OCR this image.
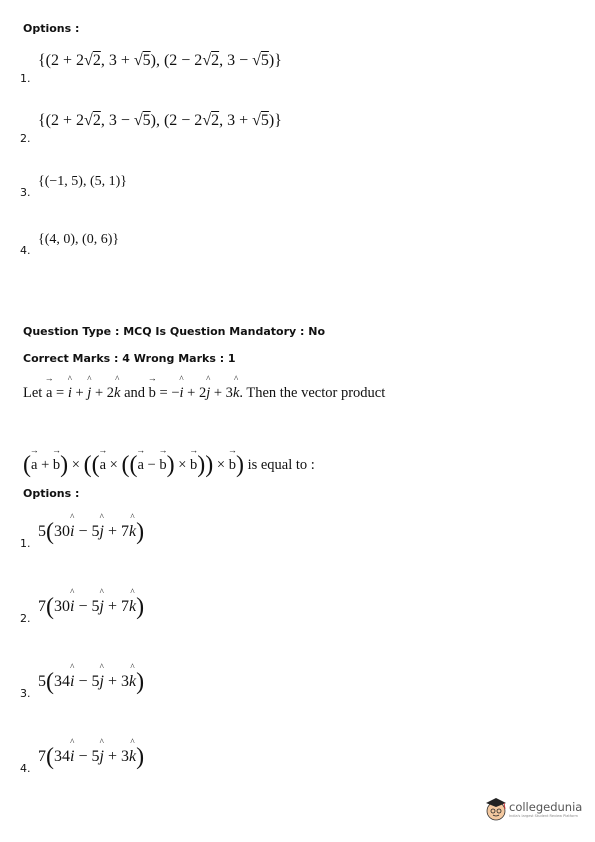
Options :
1.
{(2 + 2√2, 3 + √5), (2 − 2√2, 3 − √5)}
2.
{(2 + 2√2, 3 − √5), (2 − 2√2, 3 + √5)}
3.
{(−1, 5), (5, 1)}
4.
{(4, 0), (0, 6)}
Question Type : MCQ Is Question Mandatory : No
Correct Marks : 4 Wrong Marks : 1
Let a
→
= i
^
+ j
^
+ 2k
^
and b
→
= −i
^
+ 2j
^
+ 3k
^
. Then the vector product
(a
→
+ b
→
) × ((a
→
× ((a
→
− b
→
) × b
→
)) × b
→
) is equal to :
Options :
1.
5(30i
^
− 5j
^
+ 7k
^
)
2.
7(30i
^
− 5j
^
+ 7k
^
)
3.
5(34i
^
− 5j
^
+ 3k
^
)
4.
7(34i
^
− 5j
^
+ 3k
^
)
collegedunia
India's largest Student Review Platform
